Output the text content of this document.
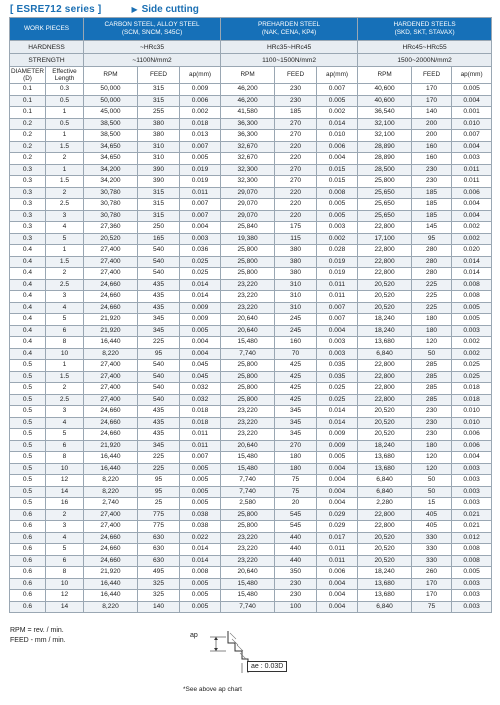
[ ESRE712 series ]	▶ Side cutting
WORK PIECES		CARBON STEEL, ALLOY STEEL
(SCM, SNCM, S45C)			PREHARDEN STEEL
(NAK, CENA, KP4)			HARDENED STEELS
(SKD, SKT, STAVAX)		
HARDNESS		~HRc35			HRc35~HRc45			HRc45~HRc55		
STRENGTH		~1100N/mm2			1100~1500N/mm2			1500~2000N/mm2		
DIAMETER
(D)	Effective
Length	RPM	FEED	ap(mm)	RPM	FEED	ap(mm)	RPM	FEED	ap(mm)
0.1	0.3	50,000	315	0.009	46,200	230	0.007	40,600	170	0.005
0.1	0.5	50,000	315	0.006	46,200	230	0.005	40,600	170	0.004
0.1	1	45,000	255	0.002	41,580	185	0.002	36,540	140	0.001
0.2	0.5	38,500	380	0.018	36,300	270	0.014	32,100	200	0.010
0.2	1	38,500	380	0.013	36,300	270	0.010	32,100	200	0.007
0.2	1.5	34,650	310	0.007	32,670	220	0.006	28,890	160	0.004
0.2	2	34,650	310	0.005	32,670	220	0.004	28,890	160	0.003
0.3	1	34,200	390	0.019	32,300	270	0.015	28,500	230	0.011
0.3	1.5	34,200	390	0.019	32,300	270	0.015	25,800	230	0.011
0.3	2	30,780	315	0.011	29,070	220	0.008	25,650	185	0.006
0.3	2.5	30,780	315	0.007	29,070	220	0.005	25,650	185	0.004
0.3	3	30,780	315	0.007	29,070	220	0.005	25,650	185	0.004
0.3	4	27,360	250	0.004	25,840	175	0.003	22,800	145	0.002
0.3	5	20,520	165	0.003	19,380	115	0.002	17,100	95	0.002
0.4	1	27,400	540	0.036	25,800	380	0.028	22,800	280	0.020
0.4	1.5	27,400	540	0.025	25,800	380	0.019	22,800	280	0.014
0.4	2	27,400	540	0.025	25,800	380	0.019	22,800	280	0.014
0.4	2.5	24,660	435	0.014	23,220	310	0.011	20,520	225	0.008
0.4	3	24,660	435	0.014	23,220	310	0.011	20,520	225	0.008
0.4	4	24,660	435	0.009	23,220	310	0.007	20,520	225	0.005
0.4	5	21,920	345	0.009	20,640	245	0.007	18,240	180	0.005
0.4	6	21,920	345	0.005	20,640	245	0.004	18,240	180	0.003
0.4	8	16,440	225	0.004	15,480	160	0.003	13,680	120	0.002
0.4	10	8,220	95	0.004	7,740	70	0.003	6,840	50	0.002
0.5	1	27,400	540	0.045	25,800	425	0.035	22,800	285	0.025
0.5	1.5	27,400	540	0.045	25,800	425	0.035	22,800	285	0.025
0.5	2	27,400	540	0.032	25,800	425	0.025	22,800	285	0.018
0.5	2.5	27,400	540	0.032	25,800	425	0.025	22,800	285	0.018
0.5	3	24,660	435	0.018	23,220	345	0.014	20,520	230	0.010
0.5	4	24,660	435	0.018	23,220	345	0.014	20,520	230	0.010
0.5	5	24,660	435	0.011	23,220	345	0.009	20,520	230	0.006
0.5	6	21,920	345	0.011	20,640	270	0.009	18,240	180	0.006
0.5	8	16,440	225	0.007	15,480	180	0.005	13,680	120	0.004
0.5	10	16,440	225	0.005	15,480	180	0.004	13,680	120	0.003
0.5	12	8,220	95	0.005	7,740	75	0.004	6,840	50	0.003
0.5	14	8,220	95	0.005	7,740	75	0.004	6,840	50	0.003
0.5	16	2,740	25	0.005	2,580	20	0.004	2,280	15	0.003
0.6	2	27,400	775	0.038	25,800	545	0.029	22,800	405	0.021
0.6	3	27,400	775	0.038	25,800	545	0.029	22,800	405	0.021
0.6	4	24,660	630	0.022	23,220	440	0.017	20,520	330	0.012
0.6	5	24,660	630	0.014	23,220	440	0.011	20,520	330	0.008
0.6	6	24,660	630	0.014	23,220	440	0.011	20,520	330	0.008
0.6	8	21,920	495	0.008	20,640	350	0.006	18,240	260	0.005
0.6	10	16,440	325	0.005	15,480	230	0.004	13,680	170	0.003
0.6	12	16,440	325	0.005	15,480	230	0.004	13,680	170	0.003
0.6	14	8,220	140	0.005	7,740	100	0.004	6,840	75	0.003
RPM = rev. / min.
FEED - mm / min.
ap
ae : 0.03D
*See above ap chart
